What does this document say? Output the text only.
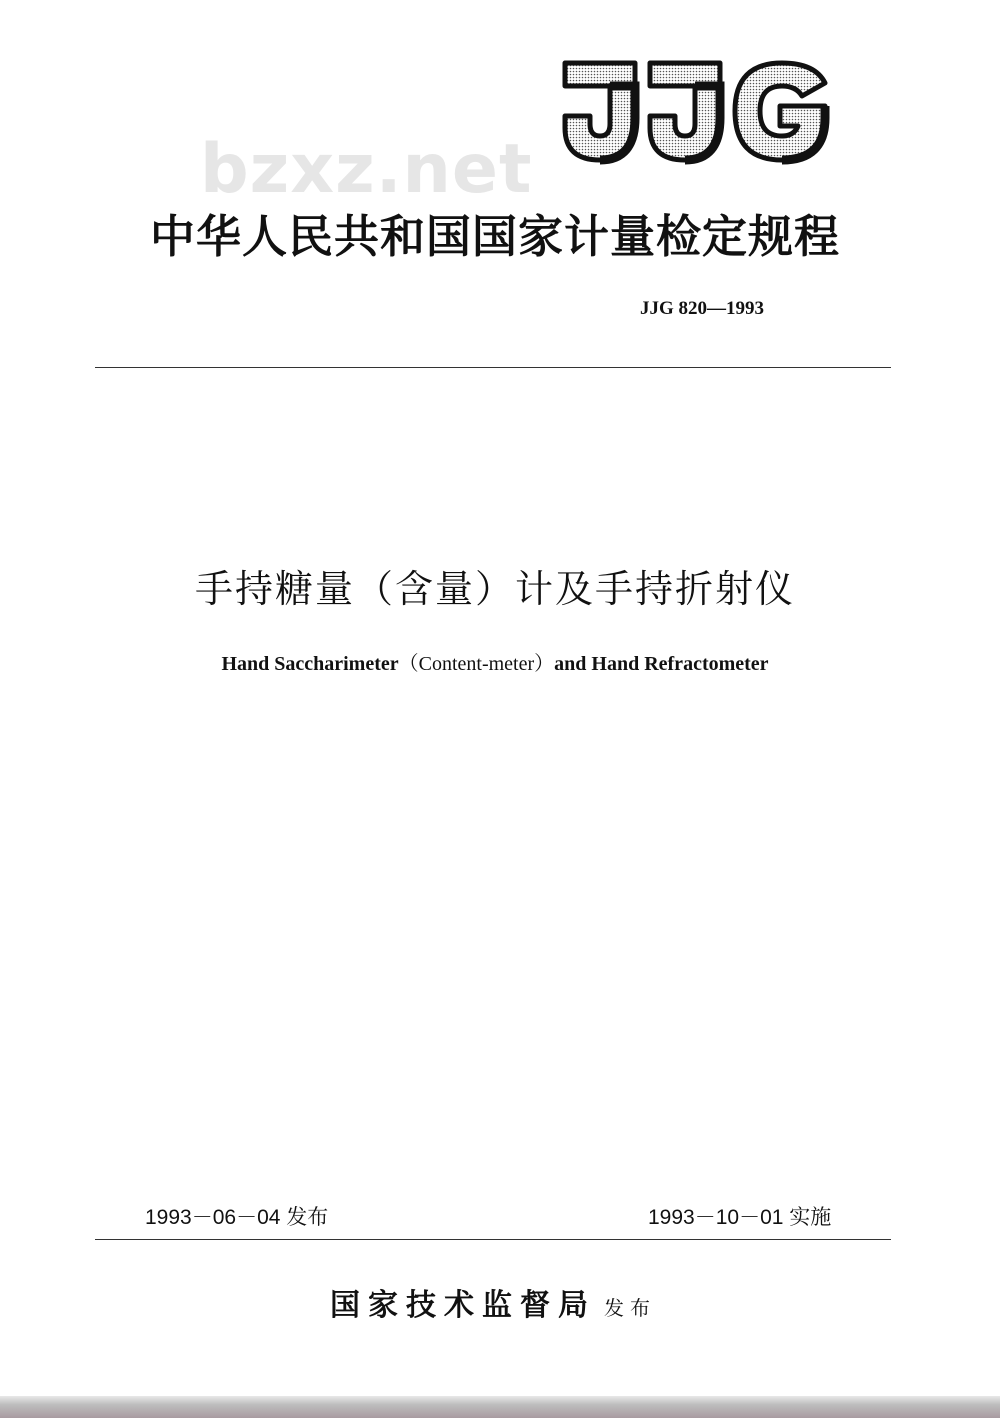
JJG
bzxz.net
中华人民共和国国家计量检定规程
JJG 820—1993
手持糖量（含量）计及手持折射仪
Hand Saccharimeter（Content-meter）and Hand Refractometer
1993－06－04 发布	1993－10－01 实施
国家技术监督局 发布
